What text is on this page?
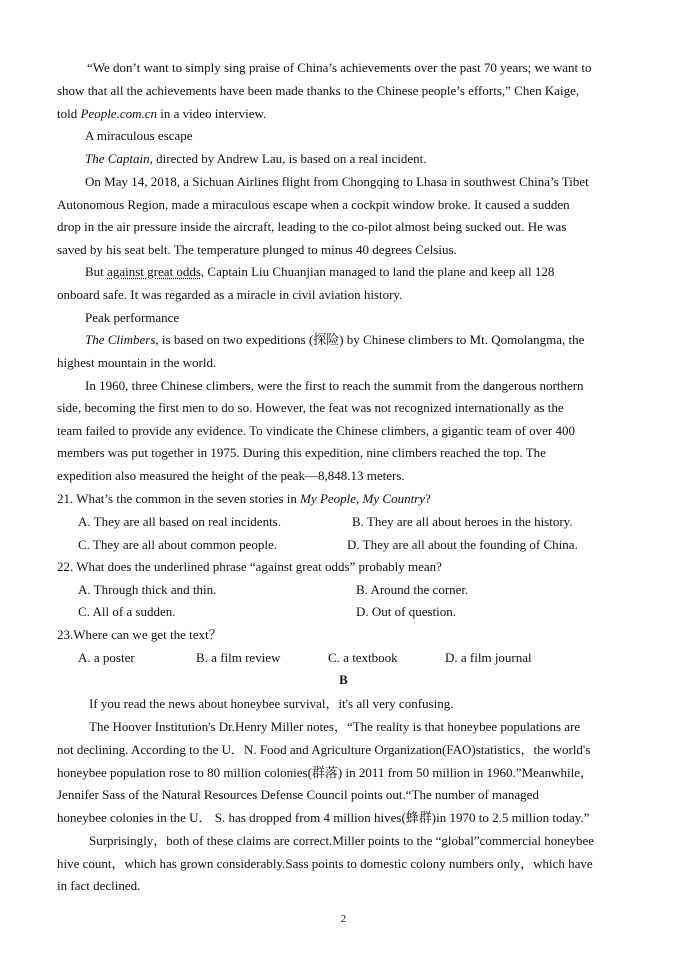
“We don’t want to simply sing praise of China’s achievements over the past 70 years; we want to
show that all the achievements have been made thanks to the Chinese people’s efforts,” Chen Kaige,
told People.com.cn in a video interview.
A miraculous escape
The Captain, directed by Andrew Lau, is based on a real incident.
On May 14, 2018, a Sichuan Airlines flight from Chongqing to Lhasa in southwest China’s Tibet
Autonomous Region, made a miraculous escape when a cockpit window broke. It caused a sudden
drop in the air pressure inside the aircraft, leading to the co-pilot almost being sucked out. He was
saved by his seat belt. The temperature plunged to minus 40 degrees Celsius.
But against great odds, Captain Liu Chuanjian managed to land the plane and keep all 128
onboard safe. It was regarded as a miracle in civil aviation history.
Peak performance
The Climbers, is based on two expeditions (探险) by Chinese climbers to Mt. Qomolangma, the
highest mountain in the world.
In 1960, three Chinese climbers, were the first to reach the summit from the dangerous northern
side, becoming the first men to do so. However, the feat was not recognized internationally as the
team failed to provide any evidence. To vindicate the Chinese climbers, a gigantic team of over 400
members was put together in 1975. During this expedition, nine climbers reached the top. The
expedition also measured the height of the peak—8,848.13 meters.
21. What’s the common in the seven stories in My People, My Country?
A. They are all based on real incidents.	B. They are all about heroes in the history.
C. They are all about common people.	D. They are all about the founding of China.
22. What does the underlined phrase “against great odds” probably mean?
A. Through thick and thin.	B. Around the corner.
C. All of a sudden.	D. Out of question.
23.Where can we get the text？
A. a poster	B. a film review	C. a textbook	D. a film journal
B
If you read the news about honeybee survival，it's all very confusing.
The Hoover Institution's Dr.Henry Miller notes，“The reality is that honeybee populations are
not declining. According to the U．N. Food and Agriculture Organization(FAO)statistics，the world's
honeybee population rose to 80 million colonies(群落) in 2011 from 50 million in 1960.”Meanwhile，
Jennifer Sass of the Natural Resources Defense Council points out.“The number of managed
honeybee colonies in the U． S. has dropped from 4 million hives(蜂群)in 1970 to 2.5 million today.”
Surprisingly，both of these claims are correct.Miller points to the “global”commercial honeybee
hive count，which has grown considerably.Sass points to domestic colony numbers only，which have
in fact declined.
2
